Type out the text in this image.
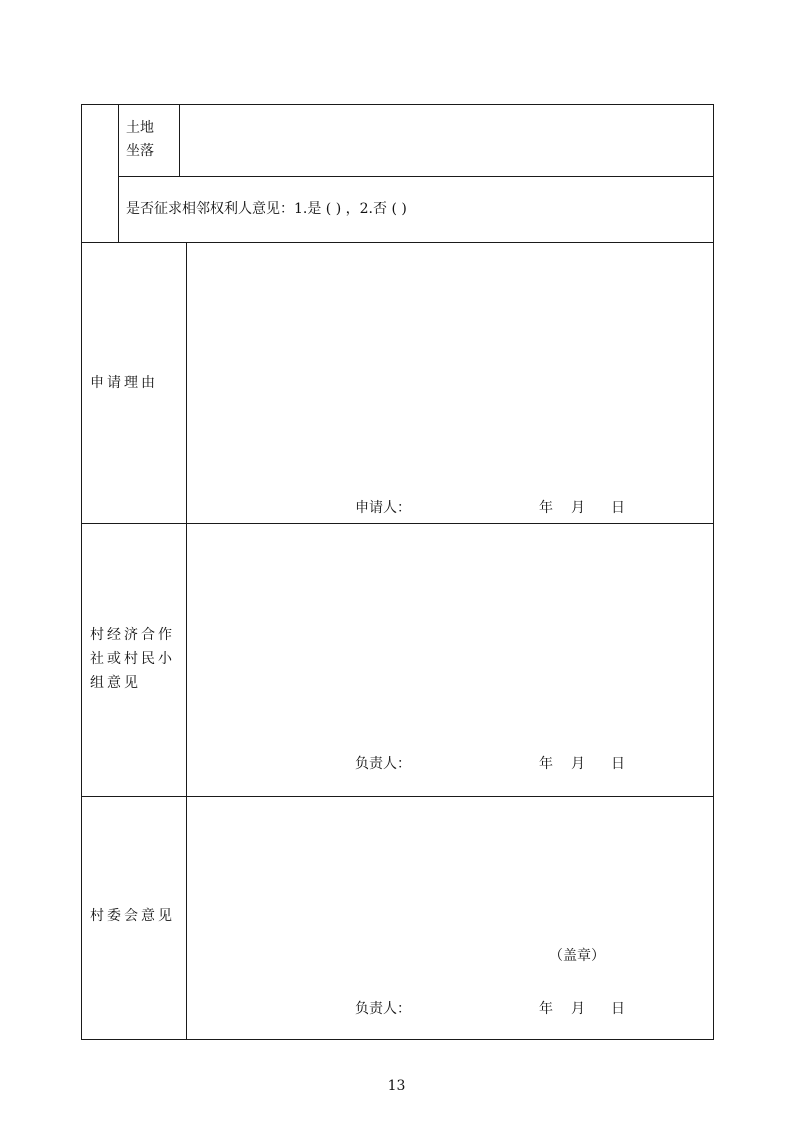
土地
坐落
是否征求相邻权利人意见：1.是 ( ) ，2.否 ( )
申请理由
申请人：	年 月 日
村经济合作
社或村民小
组意见
负责人：	年 月 日
村委会意见
（盖章）
负责人：	年 月 日
13
